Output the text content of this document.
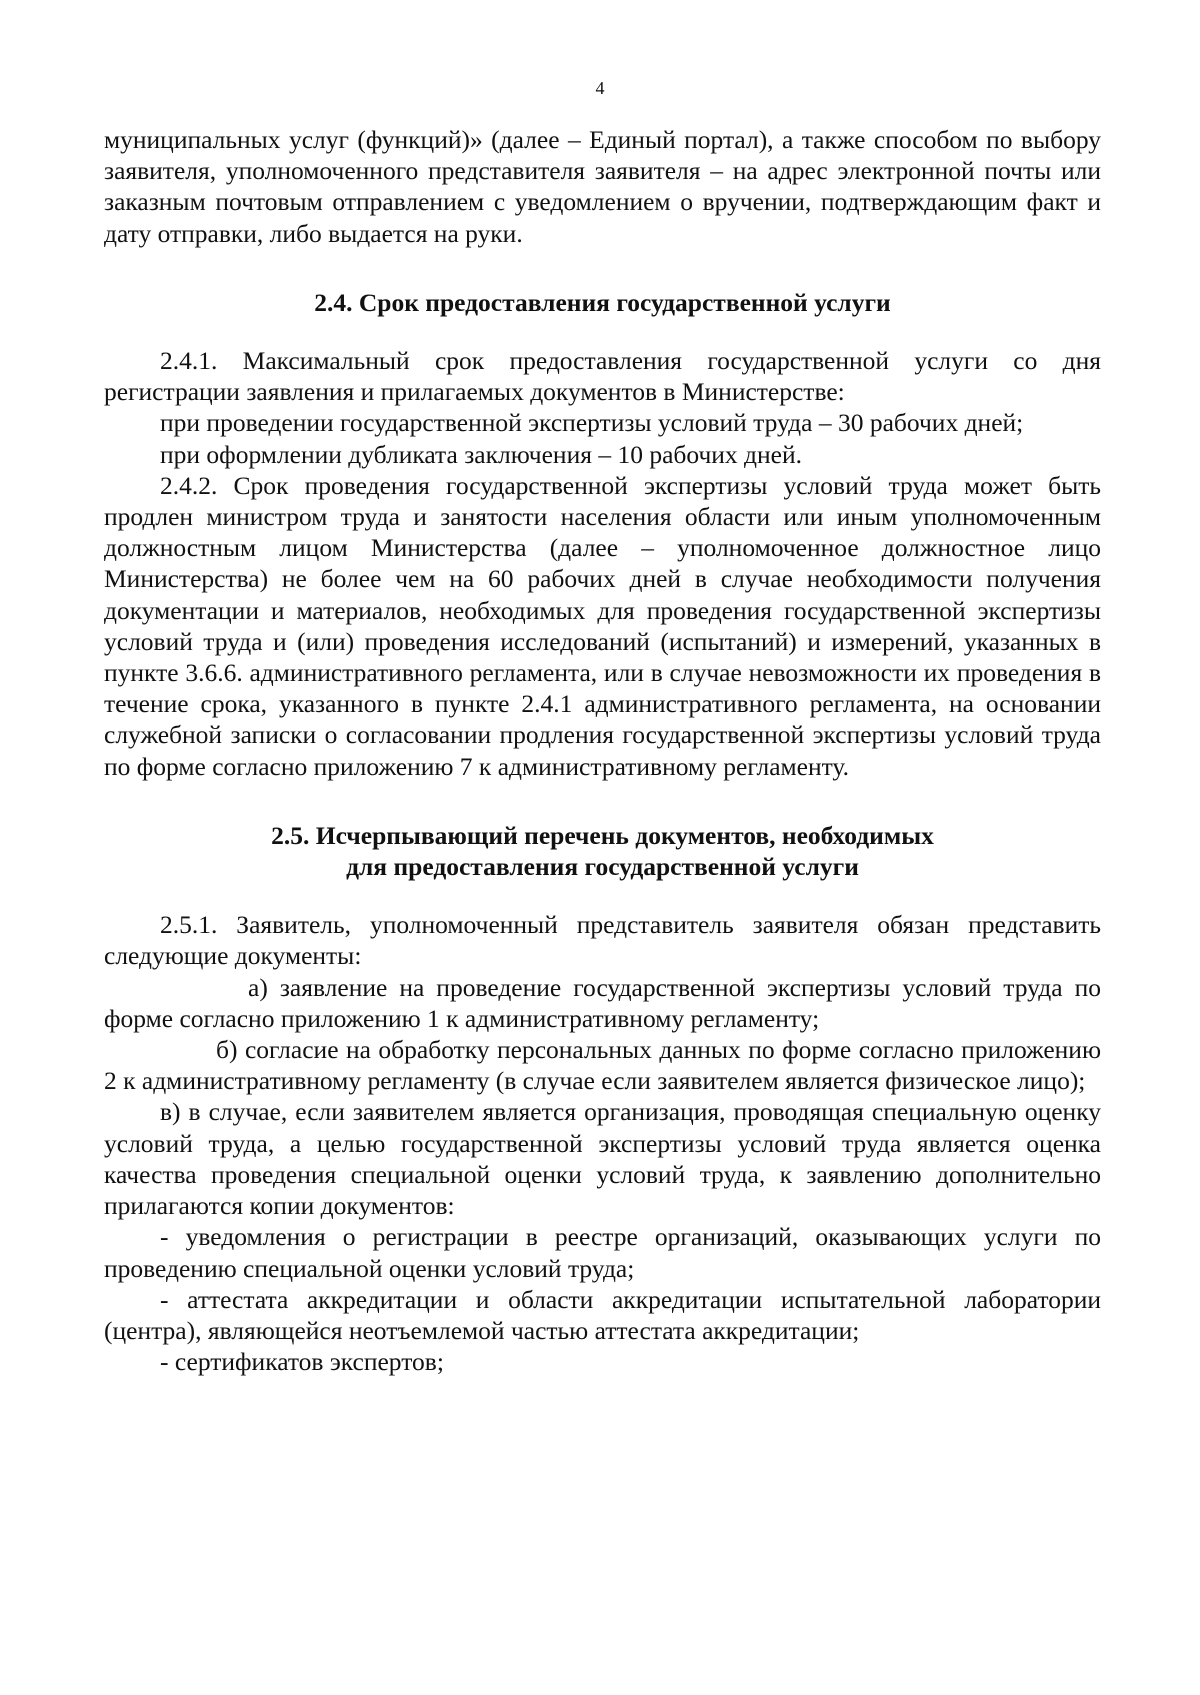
4

муниципальных услуг (функций)» (далее – Единый портал), а также способом по выбору заявителя, уполномоченного представителя заявителя – на адрес электронной почты или заказным почтовым отправлением с уведомлением о вручении, подтверждающим факт и дату отправки, либо выдается на руки.

2.4. Срок предоставления государственной услуги

2.4.1. Максимальный срок предоставления государственной услуги со дня регистрации заявления и прилагаемых документов в Министерстве:

при проведении государственной экспертизы условий труда – 30 рабочих дней;

при оформлении дубликата заключения – 10 рабочих дней.

2.4.2. Срок проведения государственной экспертизы условий труда может быть продлен министром труда и занятости населения области или иным уполномоченным должностным лицом Министерства (далее – уполномоченное должностное лицо Министерства) не более чем на 60 рабочих дней в случае необходимости получения документации и материалов, необходимых для проведения государственной экспертизы условий труда и (или) проведения исследований (испытаний) и измерений, указанных в пункте 3.6.6. административного регламента, или в случае невозможности их проведения в течение срока, указанного в пункте 2.4.1 административного регламента, на основании служебной записки о согласовании продления государственной экспертизы условий труда по форме согласно приложению 7 к административному регламенту.

2.5. Исчерпывающий перечень документов, необходимых
для предоставления государственной услуги

2.5.1. Заявитель, уполномоченный представитель заявителя обязан представить следующие документы:

а) заявление на проведение государственной экспертизы условий труда по форме согласно приложению 1 к административному регламенту;

б) согласие на обработку персональных данных по форме согласно приложению 2 к административному регламенту (в случае если заявителем является физическое лицо);

в) в случае, если заявителем является организация, проводящая специальную оценку условий труда, а целью государственной экспертизы условий труда является оценка качества проведения специальной оценки условий труда, к заявлению дополнительно прилагаются копии документов:

- уведомления о регистрации в реестре организаций, оказывающих услуги по проведению специальной оценки условий труда;

- аттестата аккредитации и области аккредитации испытательной лаборатории (центра), являющейся неотъемлемой частью аттестата аккредитации;

- сертификатов экспертов;
